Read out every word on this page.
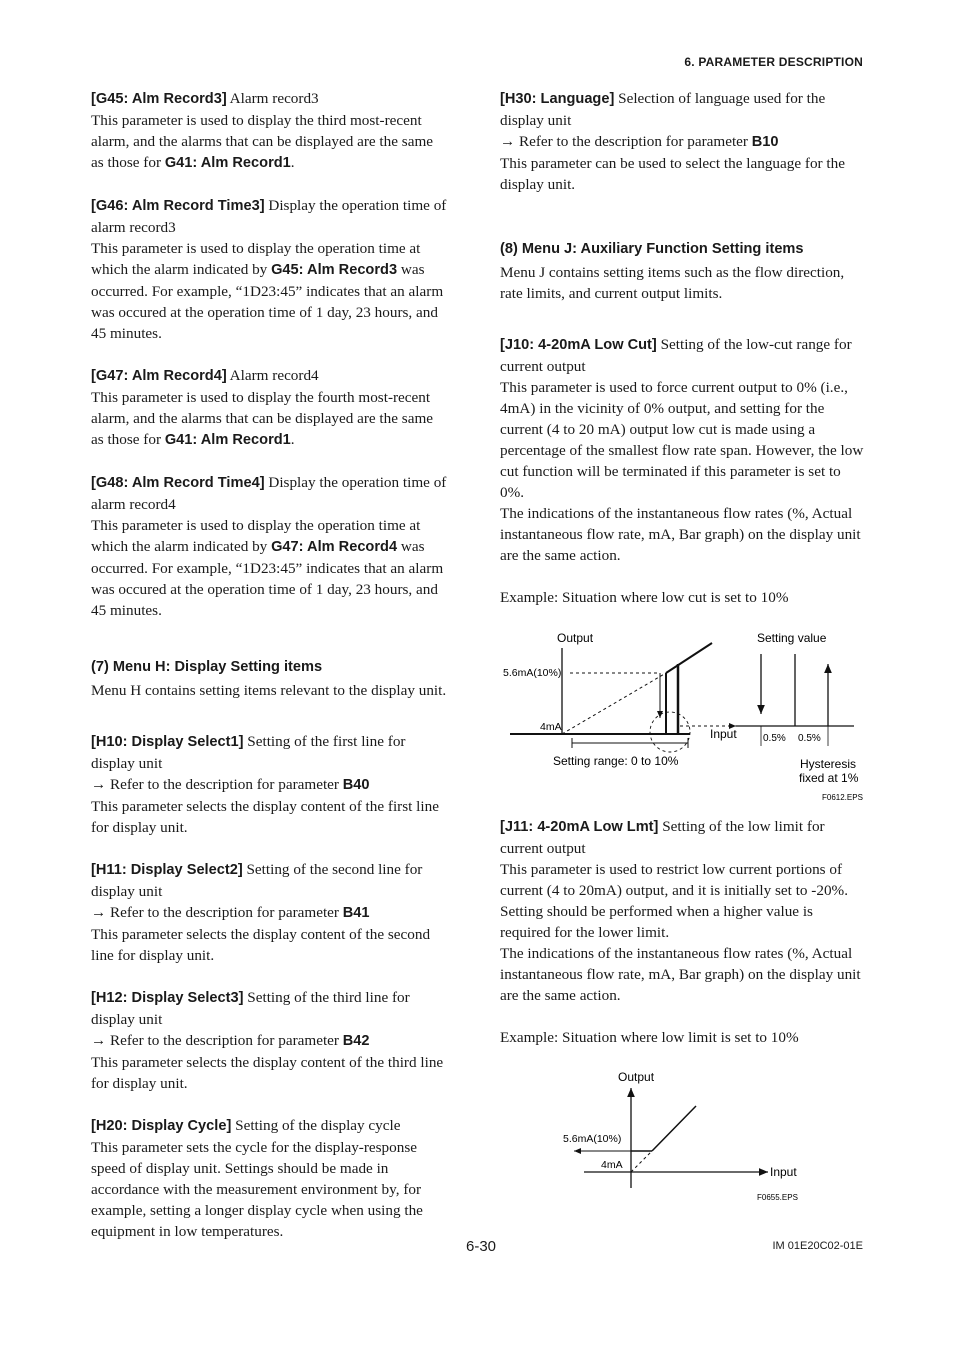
6. PARAMETER DESCRIPTION

[G45: Alm Record3] Alarm record3

This parameter is used to display the third most-recent alarm, and the alarms that can be displayed are the same as those for G41: Alm Record1.

[G46: Alm Record Time3] Display the operation time of alarm record3

This parameter is used to display the operation time at which the alarm indicated by G45: Alm Record3 was occurred. For example, “1D23:45” indicates that an alarm was occured at the operation time of 1 day, 23 hours, and 45 minutes.

[G47: Alm Record4] Alarm record4

This parameter is used to display the fourth most-recent alarm, and the alarms that can be displayed are the same as those for G41: Alm Record1.

[G48: Alm Record Time4] Display the operation time of alarm record4

This parameter is used to display the operation time at which the alarm indicated by G47: Alm Record4 was occurred. For example, “1D23:45” indicates that an alarm was occured at the operation time of 1 day, 23 hours, and 45 minutes.

(7) Menu H: Display Setting items

Menu H contains setting items relevant to the display unit.

[H10: Display Select1] Setting of the first line for display unit

→ Refer to the description for parameter B40

This parameter selects the display content of the first line for display unit.

[H11: Display Select2] Setting of the second line for display unit

→ Refer to the description for parameter B41

This parameter selects the display content of the second line for display unit.

[H12: Display Select3] Setting of the third line for display unit

→ Refer to the description for parameter B42

This parameter selects the display content of the third line for display unit.

[H20: Display Cycle] Setting of the display cycle

This parameter sets the cycle for the display-response speed of display unit. Settings should be made in accordance with the measurement environment by, for example, setting a longer display cycle when using the equipment in low temperatures.

[H30: Language] Selection of language used for the display unit

→ Refer to the description for parameter B10

This parameter can be used to select the language for the display unit.

(8) Menu J: Auxiliary Function Setting items

Menu J contains setting items such as the flow direction, rate limits, and current output limits.

[J10: 4-20mA Low Cut] Setting of the low-cut range for current output

This parameter is used to force current output to 0% (i.e., 4mA) in the vicinity of 0% output, and setting for the current (4 to 20 mA) output low cut is made using a percentage of the smallest flow rate span. However, the low cut function will be terminated if this parameter is set to 0%.

The indications of the instantaneous flow rates (%, Actual instantaneous flow rate, mA, Bar graph) on the display unit are the same action.

Example: Situation where low cut is set to 10%

Output
Input
5.6mA(10%)
4mA
Setting range: 0 to 10%
Setting value
0.5% 0.5%
Hysteresis
fixed at 1%
F0612.EPS

[J11: 4-20mA Low Lmt] Setting of the low limit for current output

This parameter is used to restrict low current portions of current (4 to 20mA) output, and it is initially set to -20%. Setting should be performed when a higher value is required for the lower limit.

The indications of the instantaneous flow rates (%, Actual instantaneous flow rate, mA, Bar graph) on the display unit are the same action.

Example: Situation where low limit is set to 10%

Output
Input
5.6mA(10%)
4mA
F0655.EPS
6-30	IM 01E20C02-01E
